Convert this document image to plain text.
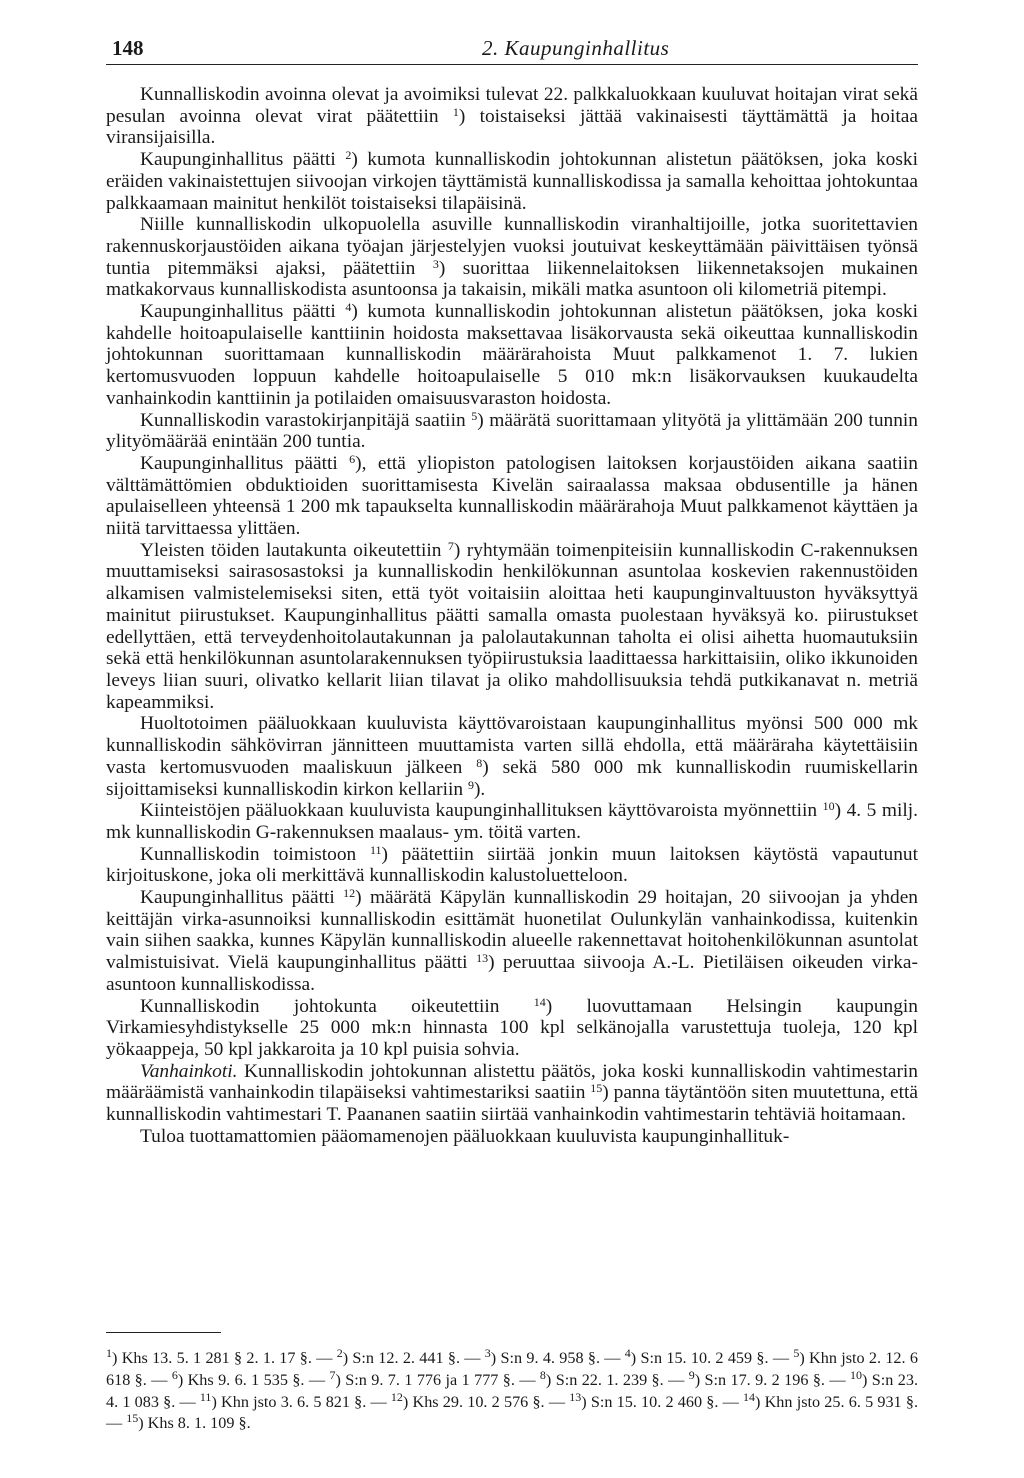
148	2. Kaupunginhallitus

Kunnalliskodin avoinna olevat ja avoimiksi tulevat 22. palkkaluokkaan kuuluvat hoitajan virat sekä pesulan avoinna olevat virat päätettiin $^1$) toistaiseksi jättää vakinaisesti täyttämättä ja hoitaa viransijaisilla.

Kaupunginhallitus päätti $^2$) kumota kunnalliskodin johtokunnan alistetun päätöksen, joka koski eräiden vakinaistettujen siivoojan virkojen täyttämistä kunnalliskodissa ja samalla kehoittaa johtokuntaa palkkaamaan mainitut henkilöt toistaiseksi tilapäisinä.

Niille kunnalliskodin ulkopuolella asuville kunnalliskodin viranhaltijoille, jotka suoritettavien rakennuskorjaustöiden aikana työajan järjestelyjen vuoksi joutuivat keskeyttämään päivittäisen työnsä tuntia pitemmäksi ajaksi, päätettiin $^3$) suorittaa liikennelaitoksen liikennetaksojen mukainen matkakorvaus kunnalliskodista asuntoonsa ja takaisin, mikäli matka asuntoon oli kilometriä pitempi.

Kaupunginhallitus päätti $^4$) kumota kunnalliskodin johtokunnan alistetun päätöksen, joka koski kahdelle hoitoapulaiselle kanttiinin hoidosta maksettavaa lisäkorvausta sekä oikeuttaa kunnalliskodin johtokunnan suorittamaan kunnalliskodin määrärahoista Muut palkkamenot 1. 7. lukien kertomusvuoden loppuun kahdelle hoitoapulaiselle 5 010 mk:n lisäkorvauksen kuukaudelta vanhainkodin kanttiinin ja potilaiden omaisuusvaraston hoidosta.

Kunnalliskodin varastokirjanpitäjä saatiin $^5$) määrätä suorittamaan ylityötä ja ylittämään 200 tunnin ylityömäärää enintään 200 tuntia.

Kaupunginhallitus päätti $^6$), että yliopiston patologisen laitoksen korjaustöiden aikana saatiin välttämättömien obduktioiden suorittamisesta Kivelän sairaalassa maksaa obdusentille ja hänen apulaiselleen yhteensä 1 200 mk tapaukselta kunnalliskodin määrärahoja Muut palkkamenot käyttäen ja niitä tarvittaessa ylittäen.

Yleisten töiden lautakunta oikeutettiin $^7$) ryhtymään toimenpiteisiin kunnalliskodin C-rakennuksen muuttamiseksi sairasosastoksi ja kunnalliskodin henkilökunnan asuntolaa koskevien rakennustöiden alkamisen valmistelemiseksi siten, että työt voitaisiin aloittaa heti kaupunginvaltuuston hyväksyttyä mainitut piirustukset. Kaupunginhallitus päätti samalla omasta puolestaan hyväksyä ko. piirustukset edellyttäen, että terveydenhoitolautakunnan ja palolautakunnan taholta ei olisi aihetta huomautuksiin sekä että henkilökunnan asuntolarakennuksen työpiirustuksia laadittaessa harkittaisiin, oliko ikkunoiden leveys liian suuri, olivatko kellarit liian tilavat ja oliko mahdollisuuksia tehdä putkikanavat n. metriä kapeammiksi.

Huoltotoimen pääluokkaan kuuluvista käyttövaroistaan kaupunginhallitus myönsi 500 000 mk kunnalliskodin sähkövirran jännitteen muuttamista varten sillä ehdolla, että määräraha käytettäisiin vasta kertomusvuoden maaliskuun jälkeen $^8$) sekä 580 000 mk kunnalliskodin ruumiskellarin sijoittamiseksi kunnalliskodin kirkon kellariin $^9$).

Kiinteistöjen pääluokkaan kuuluvista kaupunginhallituksen käyttövaroista myönnettiin $^{10}$) 4. 5 milj. mk kunnalliskodin G-rakennuksen maalaus- ym. töitä varten.

Kunnalliskodin toimistoon $^{11}$) päätettiin siirtää jonkin muun laitoksen käytöstä vapautunut kirjoituskone, joka oli merkittävä kunnalliskodin kalustoluetteloon.

Kaupunginhallitus päätti $^{12}$) määrätä Käpylän kunnalliskodin 29 hoitajan, 20 siivoojan ja yhden keittäjän virka-asunnoiksi kunnalliskodin esittämät huonetilat Oulunkylän vanhainkodissa, kuitenkin vain siihen saakka, kunnes Käpylän kunnalliskodin alueelle rakennettavat hoitohenkilökunnan asuntolat valmistuisivat. Vielä kaupunginhallitus päätti $^{13}$) peruuttaa siivooja A.-L. Pietiläisen oikeuden virka-asuntoon kunnalliskodissa.

Kunnalliskodin johtokunta oikeutettiin $^{14}$) luovuttamaan Helsingin kaupungin Virkamiesyhdistykselle 25 000 mk:n hinnasta 100 kpl selkänojalla varustettuja tuoleja, 120 kpl yökaappeja, 50 kpl jakkaroita ja 10 kpl puisia sohvia.

Vanhainkoti. Kunnalliskodin johtokunnan alistettu päätös, joka koski kunnalliskodin vahtimestarin määräämistä vanhainkodin tilapäiseksi vahtimestariksi saatiin $^{15}$) panna täytäntöön siten muutettuna, että kunnalliskodin vahtimestari T. Paananen saatiin siirtää vanhainkodin vahtimestarin tehtäviä hoitamaan.

Tuloa tuottamattomien pääomamenojen pääluokkaan kuuluvista kaupunginhallituk-

$^1$) Khs 13. 5. 1 281 § 2. 1. 17 §. — $^2$) S:n 12. 2. 441 §. — $^3$) S:n 9. 4. 958 §. — $^4$) S:n 15. 10. 2 459 §. — $^5$) Khn jsto 2. 12. 6 618 §. — $^6$) Khs 9. 6. 1 535 §. — $^7$) S:n 9. 7. 1 776 ja 1 777 §. — $^8$) S:n 22. 1. 239 §. — $^9$) S:n 17. 9. 2 196 §. — $^{10}$) S:n 23. 4. 1 083 §. — $^{11}$) Khn jsto 3. 6. 5 821 §. — $^{12}$) Khs 29. 10. 2 576 §. — $^{13}$) S:n 15. 10. 2 460 §. — $^{14}$) Khn jsto 25. 6. 5 931 §. — $^{15}$) Khs 8. 1. 109 §.
